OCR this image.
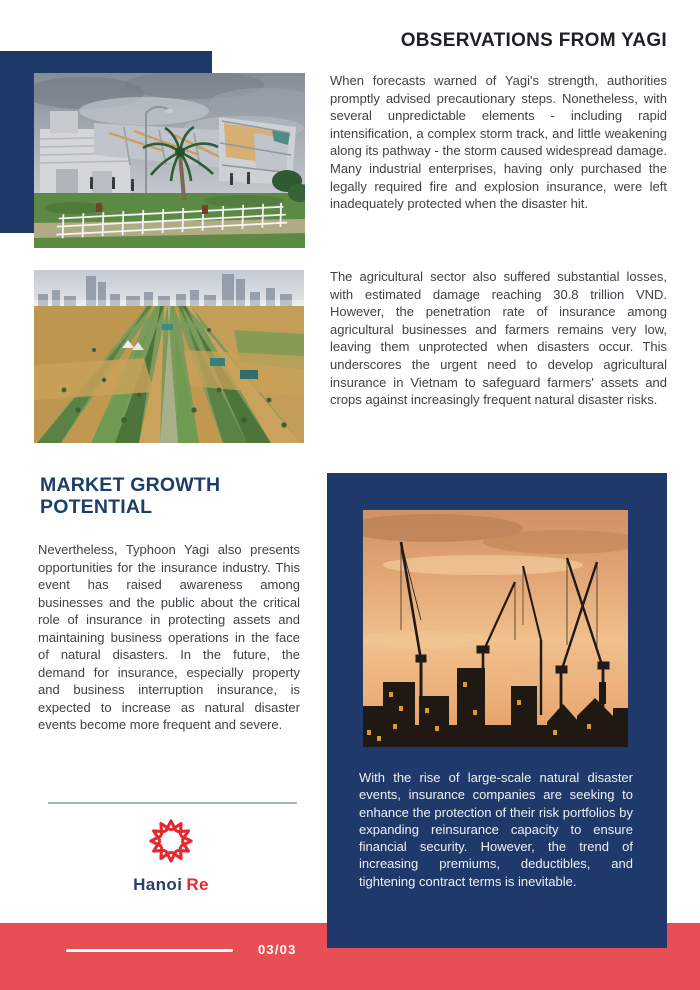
OBSERVATIONS FROM YAGI

When forecasts warned of Yagi's strength, authorities promptly advised precautionary steps. Nonetheless, with several unpredictable elements - including rapid intensification, a complex storm track, and little weakening along its pathway - the storm caused widespread damage. Many industrial enterprises, having only purchased the legally required fire and explosion insurance, were left inadequately protected when the disaster hit.

The agricultural sector also suffered substantial losses, with estimated damage reaching 30.8 trillion VND. However, the penetration rate of insurance among agricultural businesses and farmers remains very low, leaving them unprotected when disasters occur. This underscores the urgent need to develop agricultural insurance in Vietnam to safeguard farmers' assets and crops against increasingly frequent natural disaster risks.

MARKET GROWTH POTENTIAL

Nevertheless, Typhoon Yagi also presents opportunities for the insurance industry. This event has raised awareness among businesses and the public about the critical role of insurance in protecting assets and maintaining business operations in the face of natural disasters. In the future, the demand for insurance, especially property and business interruption insurance, is expected to increase as natural disaster events become more frequent and severe.

Hanoi Re

With the rise of large-scale natural disaster events, insurance companies are seeking to enhance the protection of their risk portfolios by expanding reinsurance capacity to ensure financial security. However, the trend of increasing premiums, deductibles, and tightening contract terms is inevitable.

03/03
